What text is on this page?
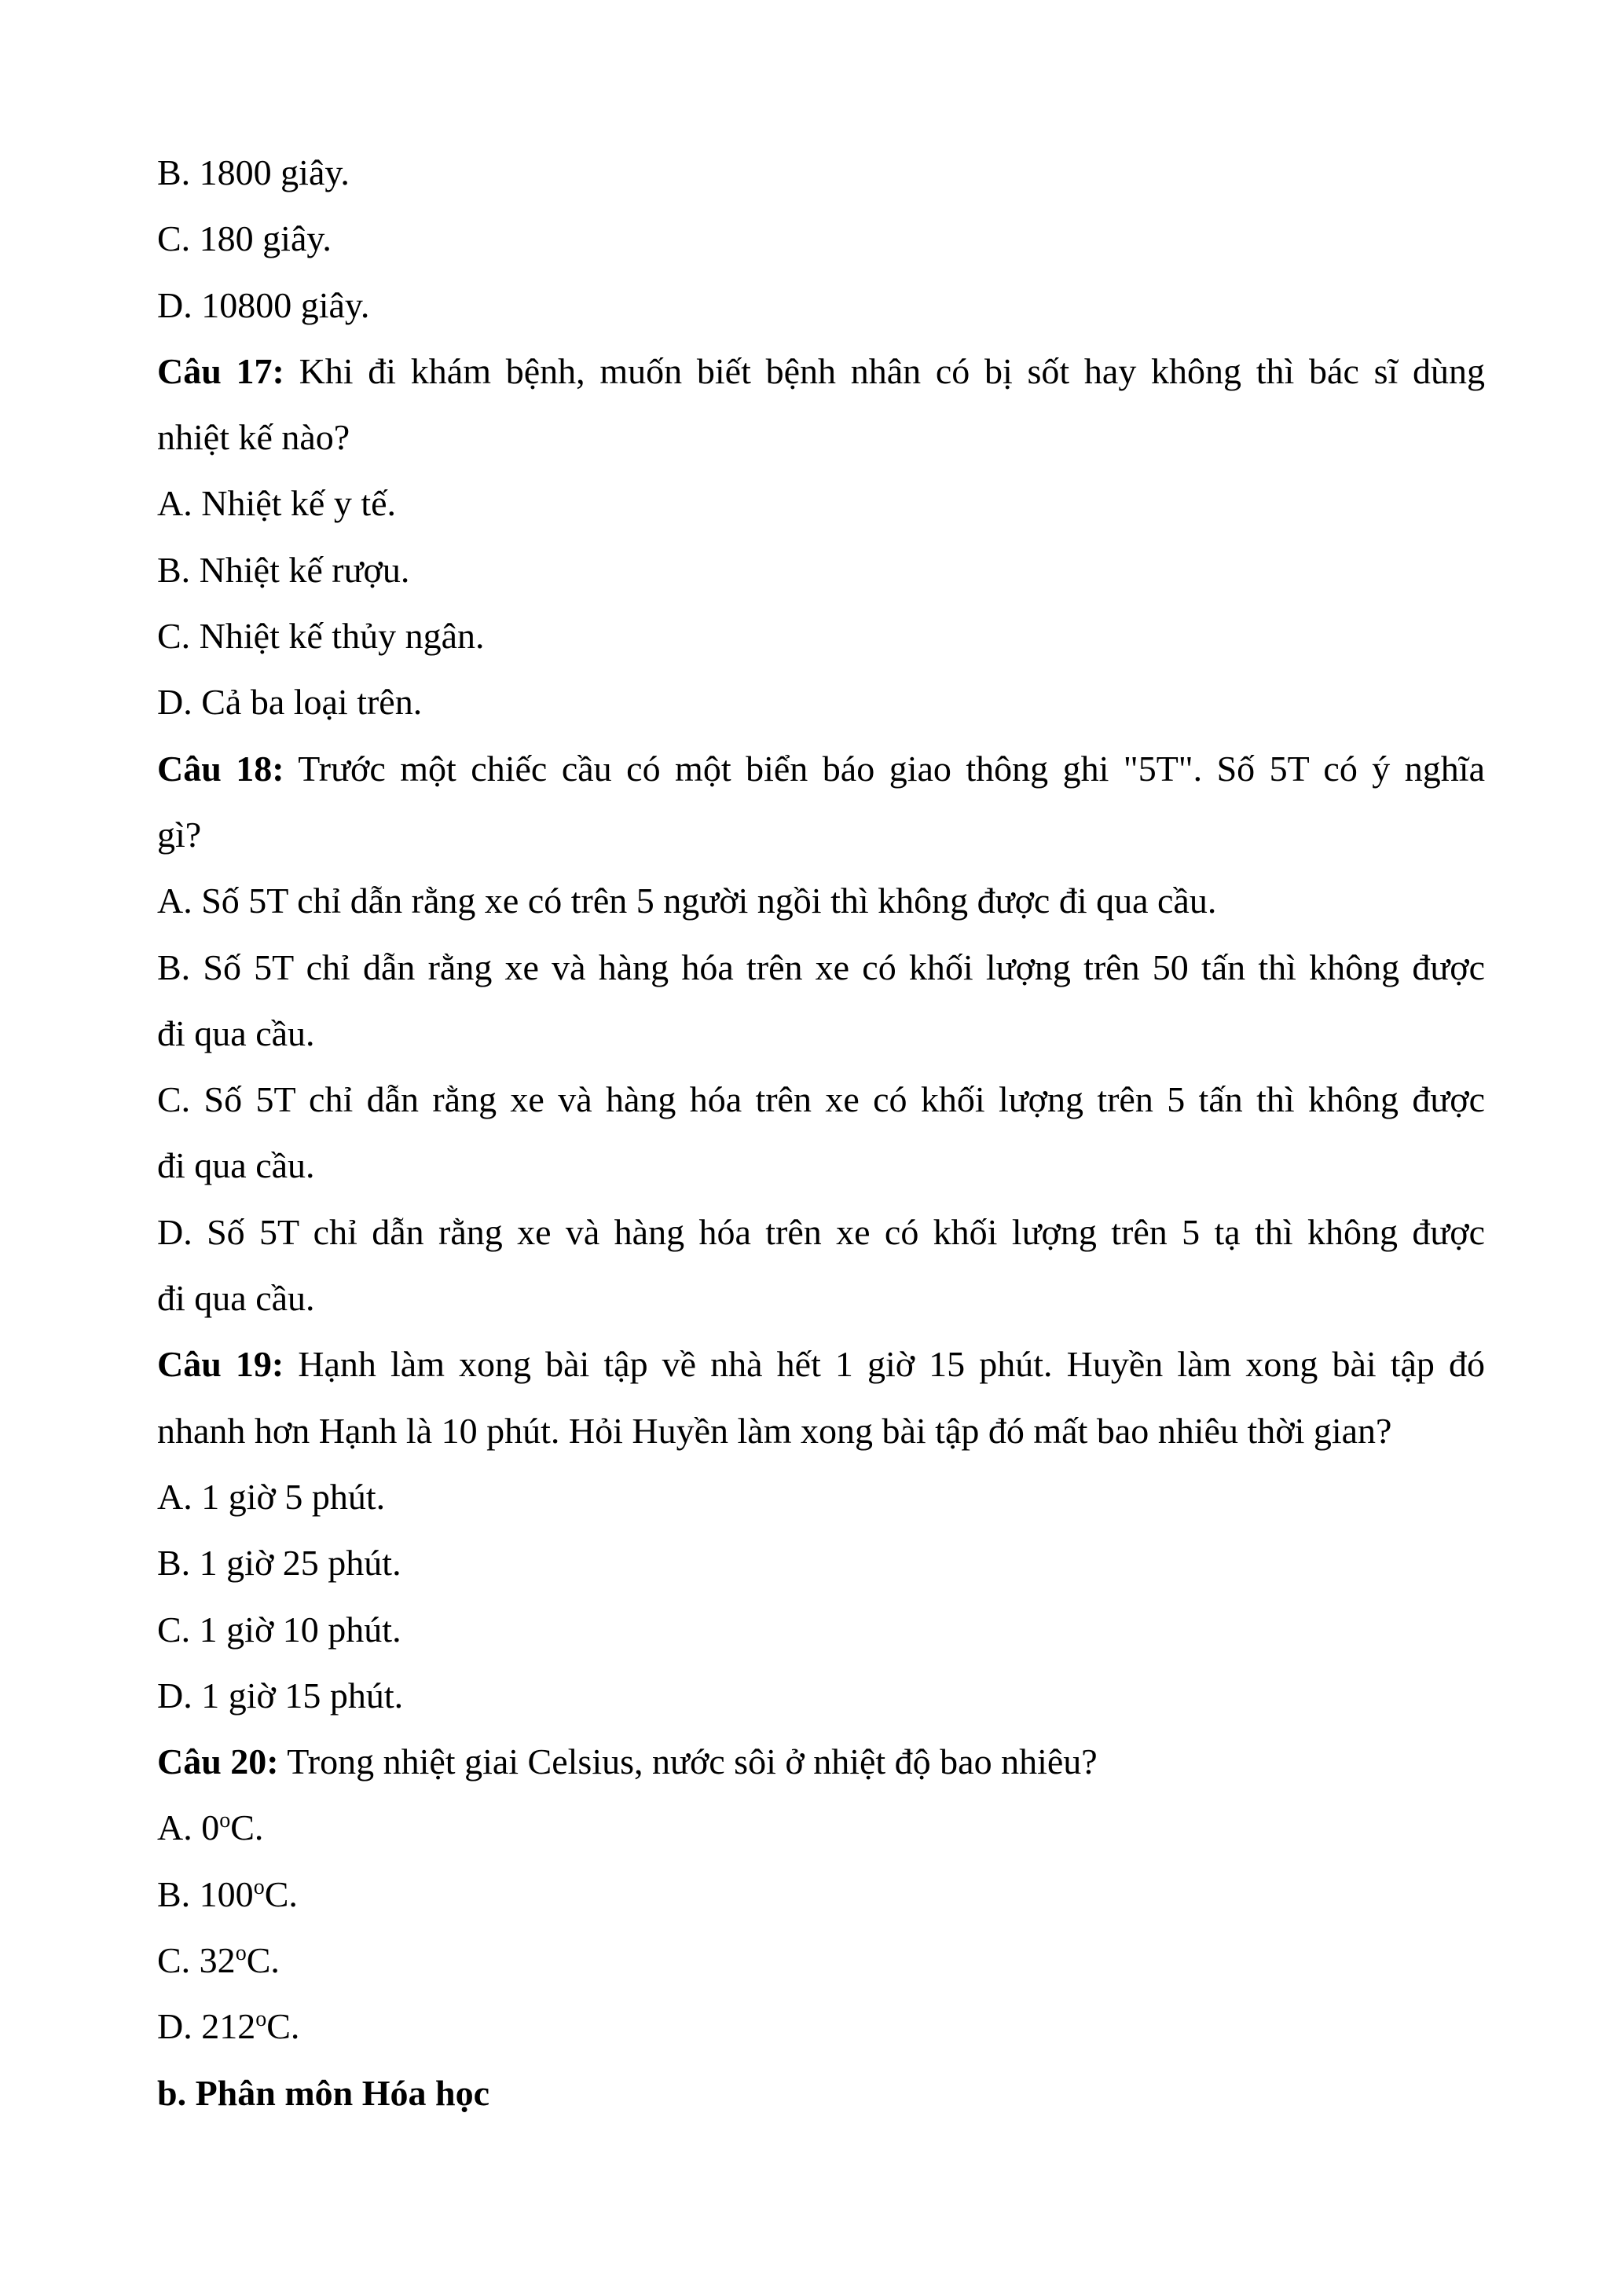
B. 1800 giây.
C. 180 giây.
D. 10800 giây.
Câu 17: Khi đi khám bệnh, muốn biết bệnh nhân có bị sốt hay không thì bác sĩ dùng
nhiệt kế nào?
A. Nhiệt kế y tế.
B. Nhiệt kế rượu.
C. Nhiệt kế thủy ngân.
D. Cả ba loại trên.
Câu 18: Trước một chiếc cầu có một biển báo giao thông ghi "5T". Số 5T có ý nghĩa
gì?
A. Số 5T chỉ dẫn rằng xe có trên 5 người ngồi thì không được đi qua cầu.
B. Số 5T chỉ dẫn rằng xe và hàng hóa trên xe có khối lượng trên 50 tấn thì không được
đi qua cầu.
C. Số 5T chỉ dẫn rằng xe và hàng hóa trên xe có khối lượng trên 5 tấn thì không được
đi qua cầu.
D. Số 5T chỉ dẫn rằng xe và hàng hóa trên xe có khối lượng trên 5 tạ thì không được
đi qua cầu.
Câu 19: Hạnh làm xong bài tập về nhà hết 1 giờ 15 phút. Huyền làm xong bài tập đó
nhanh hơn Hạnh là 10 phút. Hỏi Huyền làm xong bài tập đó mất bao nhiêu thời gian?
A. 1 giờ 5 phút.
B. 1 giờ 25 phút.
C. 1 giờ 10 phút.
D. 1 giờ 15 phút.
Câu 20: Trong nhiệt giai Celsius, nước sôi ở nhiệt độ bao nhiêu?
A. 0$^o$C.
B. 100$^o$C.
C. 32$^o$C.
D. 212$^o$C.
b. Phân môn Hóa học
